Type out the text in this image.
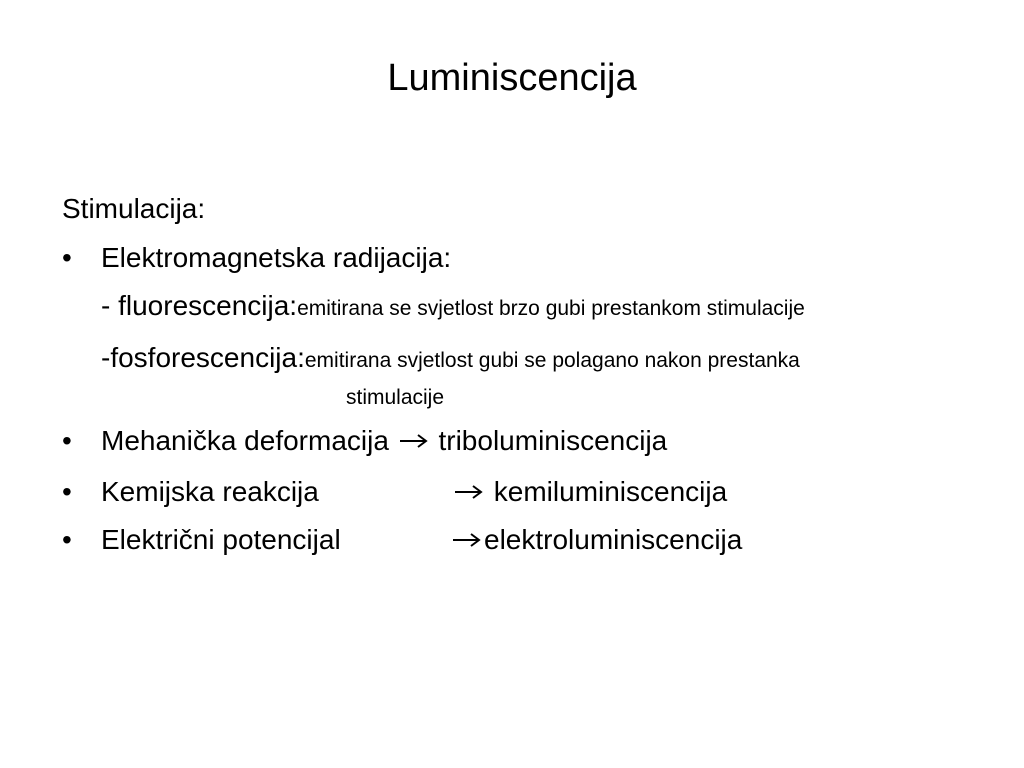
Luminiscencija
Stimulacija:
• Elektromagnetska radijacija:
- fluorescencija:emitirana se svjetlost brzo gubi prestankom stimulacije
-fosforescencija:emitirana svjetlost gubi se polagano nakon prestanka
stimulacije
• Mehanička deformacija triboluminiscencija
• Kemijska reakcija	kemiluminiscencija
• Električni potencijal	elektroluminiscencija
